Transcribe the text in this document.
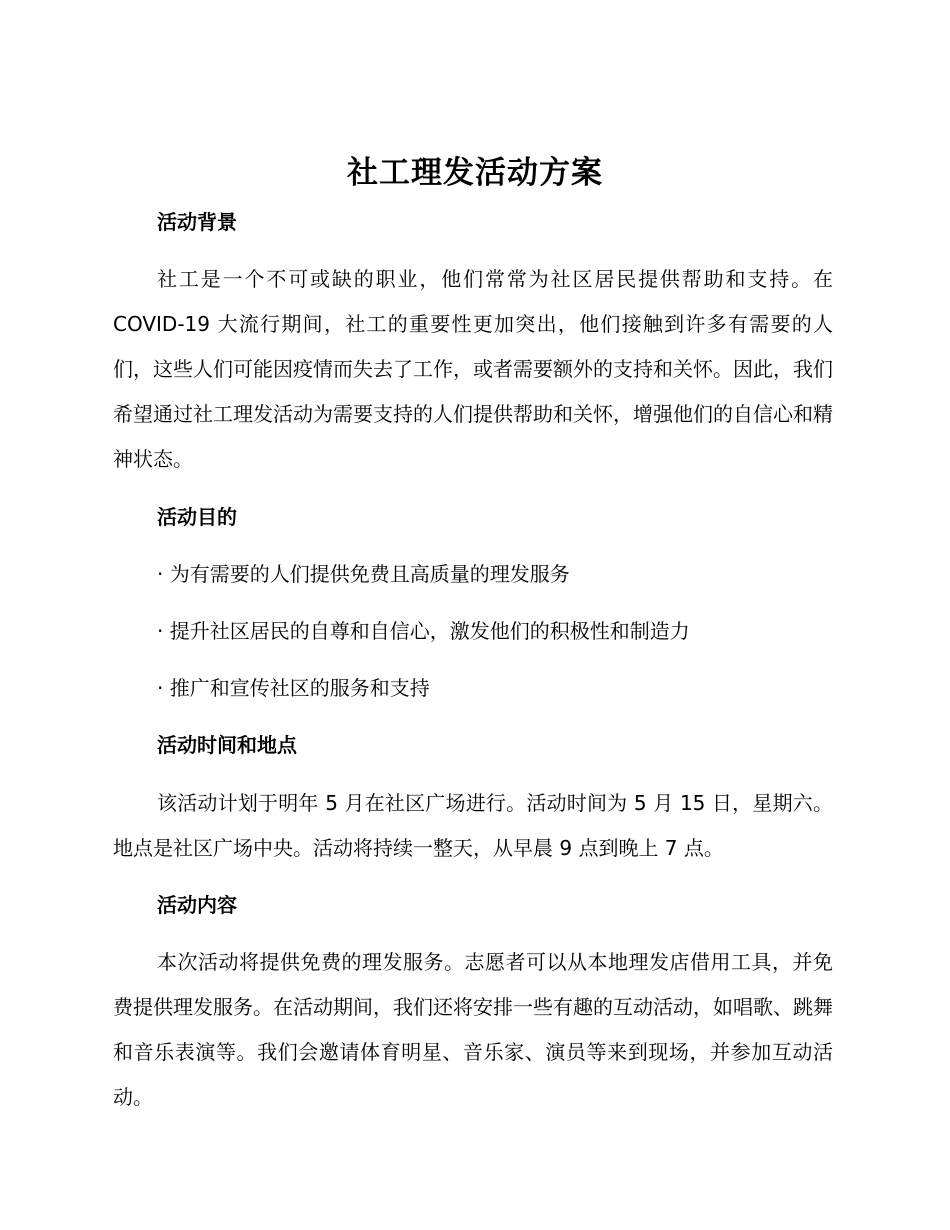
社工理发活动方案
活动背景

社工是一个不可或缺的职业，他们常常为社区居民提供帮助和支持。在COVID-19 大流行期间，社工的重要性更加突出，他们接触到许多有需要的人们，这些人们可能因疫情而失去了工作，或者需要额外的支持和关怀。因此，我们希望通过社工理发活动为需要支持的人们提供帮助和关怀，增强他们的自信心和精神状态。

活动目的
· 为有需要的人们提供免费且高质量的理发服务
· 提升社区居民的自尊和自信心，激发他们的积极性和制造力
· 推广和宣传社区的服务和支持
活动时间和地点

该活动计划于明年 5 月在社区广场进行。活动时间为 5 月 15 日，星期六。地点是社区广场中央。活动将持续一整天，从早晨 9 点到晚上 7 点。

活动内容

本次活动将提供免费的理发服务。志愿者可以从本地理发店借用工具，并免费提供理发服务。在活动期间，我们还将安排一些有趣的互动活动，如唱歌、跳舞和音乐表演等。我们会邀请体育明星、音乐家、演员等来到现场，并参加互动活动。
